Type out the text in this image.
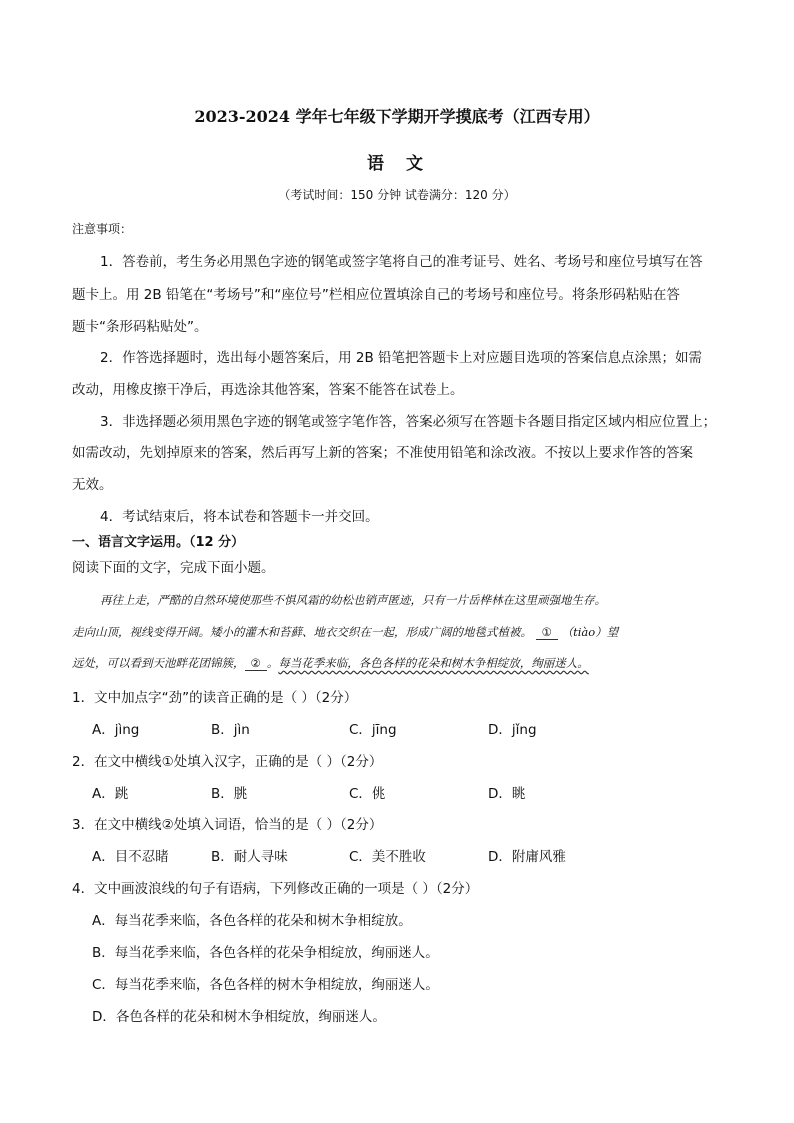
2023-2024 学年七年级下学期开学摸底考（江西专用）
语 文
（考试时间：150 分钟 试卷满分：120 分）
注意事项：
1．答卷前，考生务必用黑色字迹的钢笔或签字笔将自己的准考证号、姓名、考场号和座位号填写在答
题卡上。用 2B 铅笔在“考场号”和“座位号”栏相应位置填涂自己的考场号和座位号。将条形码粘贴在答
题卡“条形码粘贴处”。
2．作答选择题时，选出每小题答案后，用 2B 铅笔把答题卡上对应题目选项的答案信息点涂黑；如需
改动，用橡皮擦干净后，再选涂其他答案，答案不能答在试卷上。
3．非选择题必须用黑色字迹的钢笔或签字笔作答，答案必须写在答题卡各题目指定区域内相应位置上；
如需改动，先划掉原来的答案，然后再写上新的答案；不准使用铅笔和涂改液。不按以上要求作答的答案
无效。
4．考试结束后，将本试卷和答题卡一并交回。
一、语言文字运用。（12 分）
阅读下面的文字，完成下面小题。
再往上走，严酷的自然环境使那些不惧风霜的幼松也销声匿迹，只有一片岳桦林在这里顽强地生存。
走向山顶，视线变得开阔。矮小的灌木和苔藓、地衣交织在一起，形成广阔的地毯式植被。 ① （tiào）望
远处，可以看到天池畔花团锦簇， ② 。每当花季来临，各色各样的花朵和树木争相绽放，绚丽迷人。
1．文中加点字“劲”的读音正确的是（ ）（2分）
A．jìng	B．jìn	C．jīng	D．jǐng
2．在文中横线①处填入汉字，正确的是（ ）（2分）
A．跳	B．朓	C．佻	D．眺
3．在文中横线②处填入词语，恰当的是（ ）（2分）
A．目不忍睹	B．耐人寻味	C．美不胜收	D．附庸风雅
4．文中画波浪线的句子有语病，下列修改正确的一项是（ ）（2分）
A．每当花季来临，各色各样的花朵和树木争相绽放。
B．每当花季来临，各色各样的花朵争相绽放，绚丽迷人。
C．每当花季来临，各色各样的树木争相绽放，绚丽迷人。
D．各色各样的花朵和树木争相绽放，绚丽迷人。
